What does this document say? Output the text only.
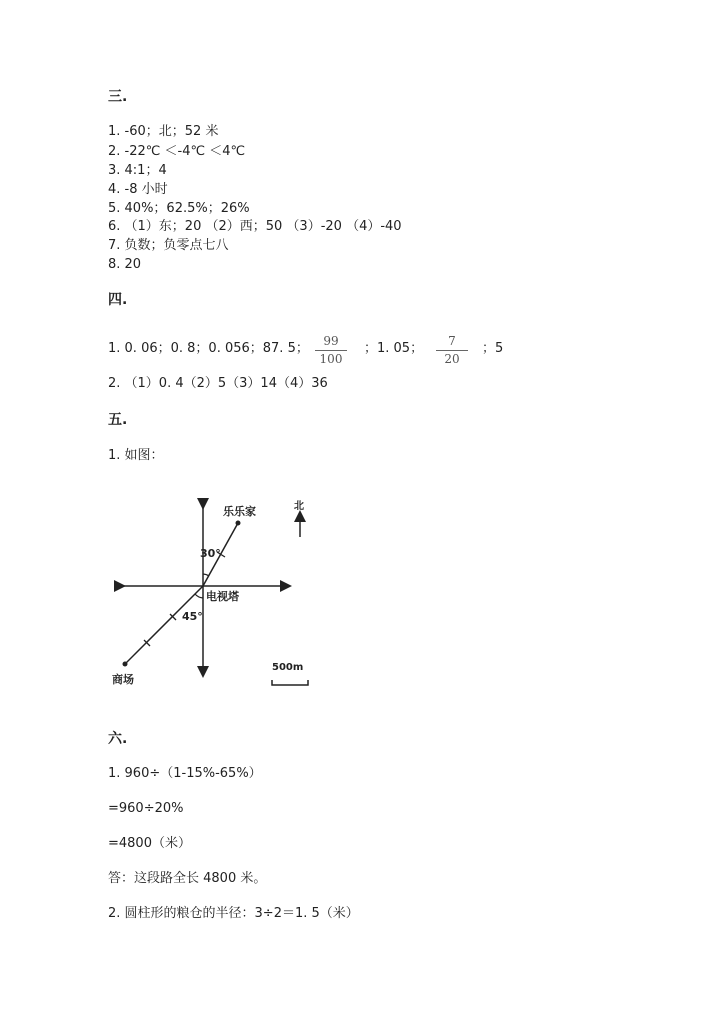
三.
1. -60；北；52 米
2. -22℃ ＜-4℃ ＜4℃
3. 4:1；4
4. -8 小时
5. 40%；62.5%；26%
6. （1）东；20 （2）西；50 （3）-20 （4）-40
7. 负数；负零点七八
8. 20
四.
1. 0. 06；0. 8；0. 056；87. 5；	99
100
；1. 05；	7
20
；5
2. （1）0. 4（2）5（3）14（4）36
五.
1. 如图：
乐乐家	北
30°
电视塔
45°
商场
500m
六.
1. 960÷（1-15%-65%）
=960÷20%
=4800（米）
答：这段路全长 4800 米。
2. 圆柱形的粮仓的半径：3÷2＝1. 5（米）
